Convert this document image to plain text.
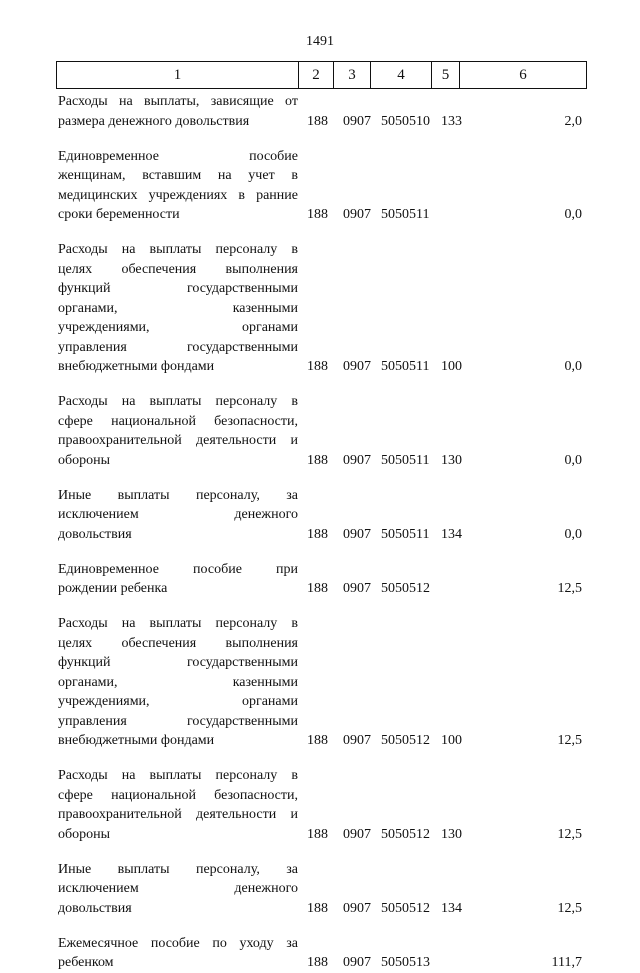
1491
1	2	3	4	5	6
Расходы на выплаты, зависящие от
размера денежного довольствия	188 0907 5050510 133	2,0
Единовременное пособие
женщинам, вставшим на учет в
медицинских учреждениях в ранние
сроки беременности	188 0907 5050511	0,0
Расходы на выплаты персоналу в
целях обеспечения выполнения
функций государственными
органами, казенными
учреждениями, органами
управления государственными
внебюджетными фондами	188 0907 5050511 100	0,0
Расходы на выплаты персоналу в
сфере национальной безопасности,
правоохранительной деятельности и
обороны	188 0907 5050511 130	0,0
Иные выплаты персоналу, за
исключением денежного
довольствия	188 0907 5050511 134	0,0
Единовременное пособие при
рождении ребенка	188 0907 5050512	12,5
Расходы на выплаты персоналу в
целях обеспечения выполнения
функций государственными
органами, казенными
учреждениями, органами
управления государственными
внебюджетными фондами	188 0907 5050512 100	12,5
Расходы на выплаты персоналу в
сфере национальной безопасности,
правоохранительной деятельности и
обороны	188 0907 5050512 130	12,5
Иные выплаты персоналу, за
исключением денежного
довольствия	188 0907 5050512 134	12,5
Ежемесячное пособие по уходу за
ребенком	188 0907 5050513	111,7
